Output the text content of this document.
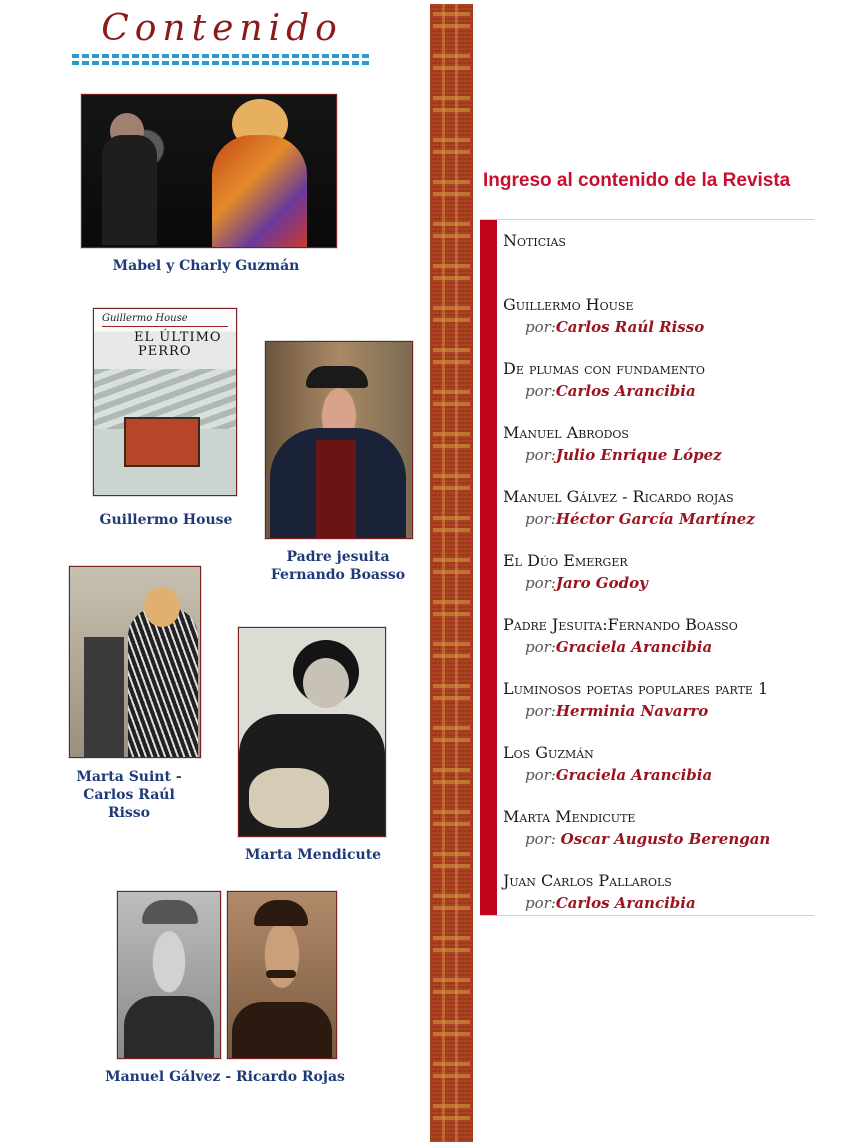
Contenido
Mabel y Charly Guzmán
Guillermo House
EL ÚLTIMO
PERRO
Guillermo House
Padre jesuita
Fernando Boasso
Marta Suint -
Carlos Raúl
Risso
Marta Mendicute
Manuel Gálvez - Ricardo Rojas
Ingreso al contenido de la Revista
Noticias
Guillermo House
por:Carlos Raúl Risso
De plumas con fundamento
por:Carlos Arancibia
Manuel Abrodos
por:Julio Enrique López
Manuel Gálvez - Ricardo rojas
por:Héctor García Martínez
El Dúo Emerger
por:Jaro Godoy
Padre Jesuita:Fernando Boasso
por:Graciela Arancibia
Luminosos poetas populares parte 1
por:Herminia Navarro
Los Guzmán
por:Graciela Arancibia
Marta Mendicute
por: Oscar Augusto Berengan
Juan Carlos Pallarols
por:Carlos Arancibia
